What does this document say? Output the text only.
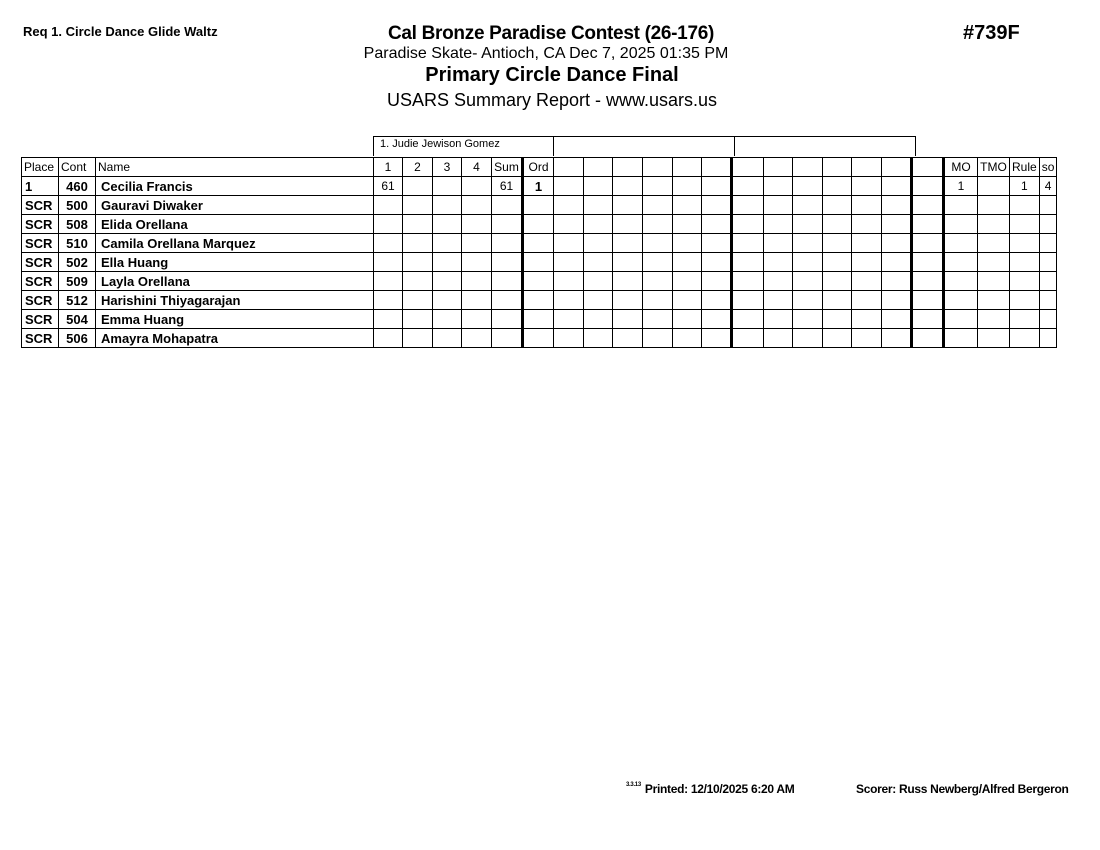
Req 1. Circle Dance Glide Waltz	Cal Bronze Paradise Contest (26-176)
Paradise Skate- Antioch, CA Dec 7, 2025 01:35 PM
Primary Circle Dance Final
USARS Summary Report - www.usars.us
#739F
1. Judie Jewison Gomez
Place	Cont	Name	1	2	3	4	Sum	Ord														MO	TMO	Rule	so
1	460	Cecilia Francis	61				61	1														1		1	4
SCR	500	Gauravi Diwaker																							
SCR	508	Elida Orellana																							
SCR	510	Camila Orellana Marquez																							
SCR	502	Ella Huang																							
SCR	509	Layla Orellana																							
SCR	512	Harishini Thiyagarajan																							
SCR	504	Emma Huang																							
SCR	506	Amayra Mohapatra																							
$^{3.3.13}$ Printed: 12/10/2025 6:20 AM	Scorer: Russ Newberg/Alfred Bergeron
